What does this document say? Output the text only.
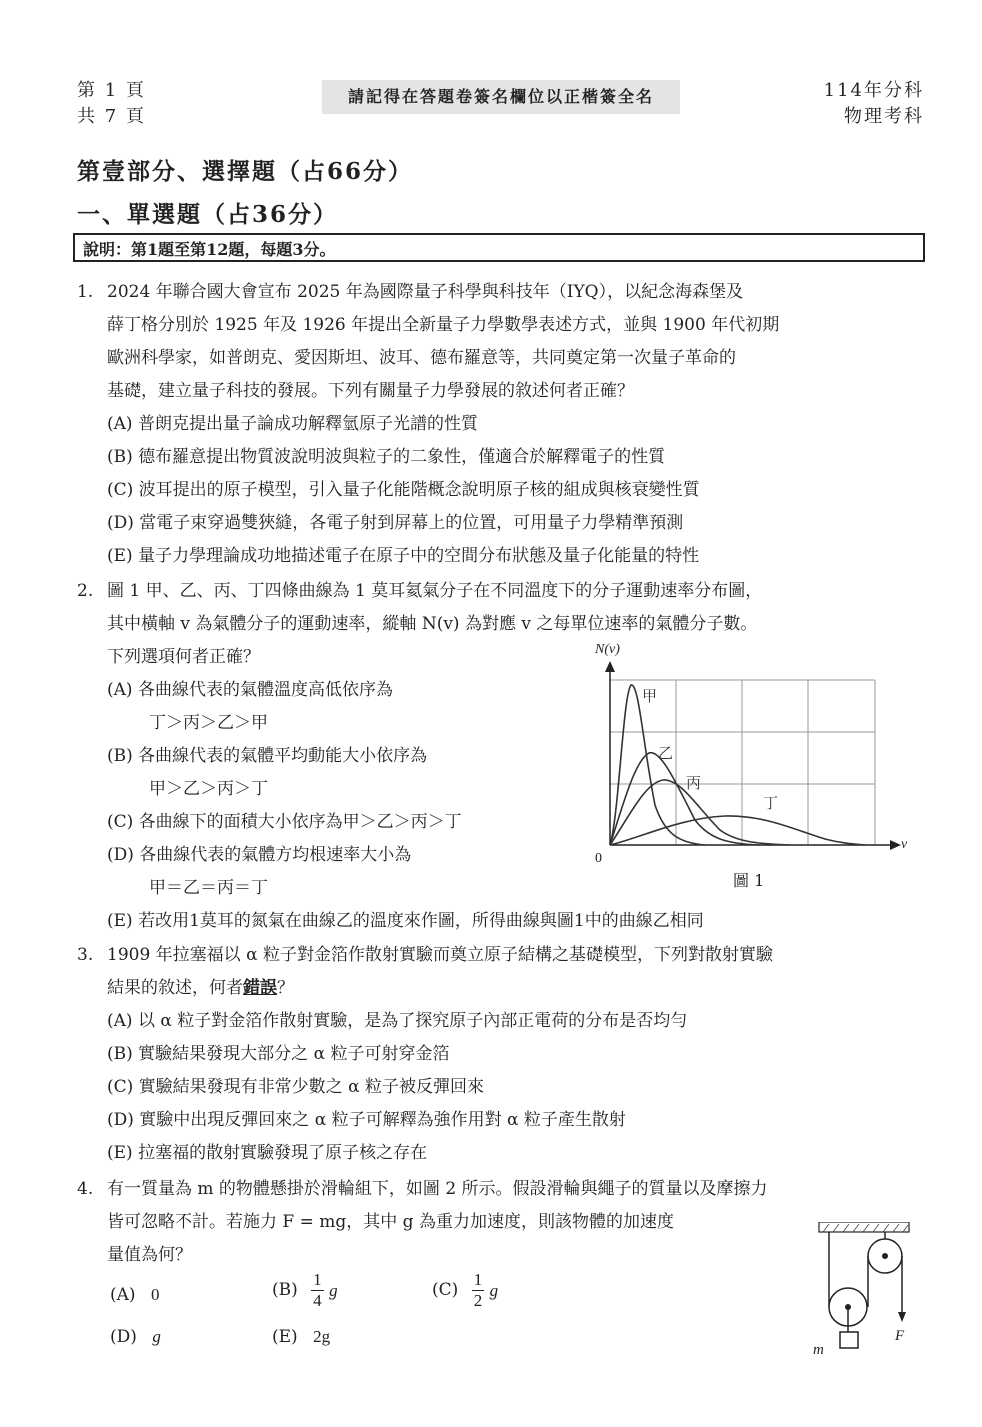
第 1 頁
共 7 頁
請記得在答題卷簽名欄位以正楷簽全名	114年分科
物理考科
第壹部分、選擇題（占66分）
一、單選題（占36分）
說明：第1題至第12題，每題3分。
1. 2024 年聯合國大會宣布 2025 年為國際量子科學與科技年（IYQ），以紀念海森堡及
薛丁格分別於 1925 年及 1926 年提出全新量子力學數學表述方式，並與 1900 年代初期
歐洲科學家，如普朗克、愛因斯坦、波耳、德布羅意等，共同奠定第一次量子革命的
基礎，建立量子科技的發展。下列有關量子力學發展的敘述何者正確？
(A) 普朗克提出量子論成功解釋氫原子光譜的性質
(B) 德布羅意提出物質波說明波與粒子的二象性，僅適合於解釋電子的性質
(C) 波耳提出的原子模型，引入量子化能階概念說明原子核的組成與核衰變性質
(D) 當電子束穿過雙狹縫，各電子射到屏幕上的位置，可用量子力學精準預測
(E) 量子力學理論成功地描述電子在原子中的空間分布狀態及量子化能量的特性
2. 圖 1 甲、乙、丙、丁四條曲線為 1 莫耳氦氣分子在不同溫度下的分子運動速率分布圖，
其中橫軸 v 為氣體分子的運動速率，縱軸 N(v) 為對應 v 之每單位速率的氣體分子數。
下列選項何者正確？
(A) 各曲線代表的氣體溫度高低依序為
丁＞丙＞乙＞甲
(B) 各曲線代表的氣體平均動能大小依序為
甲＞乙＞丙＞丁
(C) 各曲線下的面積大小依序為甲＞乙＞丙＞丁
(D) 各曲線代表的氣體方均根速率大小為
甲＝乙＝丙＝丁
(E) 若改用1莫耳的氮氣在曲線乙的溫度來作圖，所得曲線與圖1中的曲線乙相同
N(v)
v
0
甲
乙
丙
丁
圖 1
3. 1909 年拉塞福以 α 粒子對金箔作散射實驗而奠立原子結構之基礎模型，下列對散射實驗
結果的敘述，何者錯誤？
(A) 以 α 粒子對金箔作散射實驗，是為了探究原子內部正電荷的分布是否均勻
(B) 實驗結果發現大部分之 α 粒子可射穿金箔
(C) 實驗結果發現有非常少數之 α 粒子被反彈回來
(D) 實驗中出現反彈回來之 α 粒子可解釋為強作用對 α 粒子產生散射
(E) 拉塞福的散射實驗發現了原子核之存在
4. 有一質量為 m 的物體懸掛於滑輪組下，如圖 2 所示。假設滑輪與繩子的質量以及摩擦力
皆可忽略不計。若施力 F = mg，其中 g 為重力加速度，則該物體的加速度
量值為何？
(A) 0	$(B) \frac{1}{4}$ g	$(C) \frac{1}{2}$ g
(D) g	(E) 2g
m
F
